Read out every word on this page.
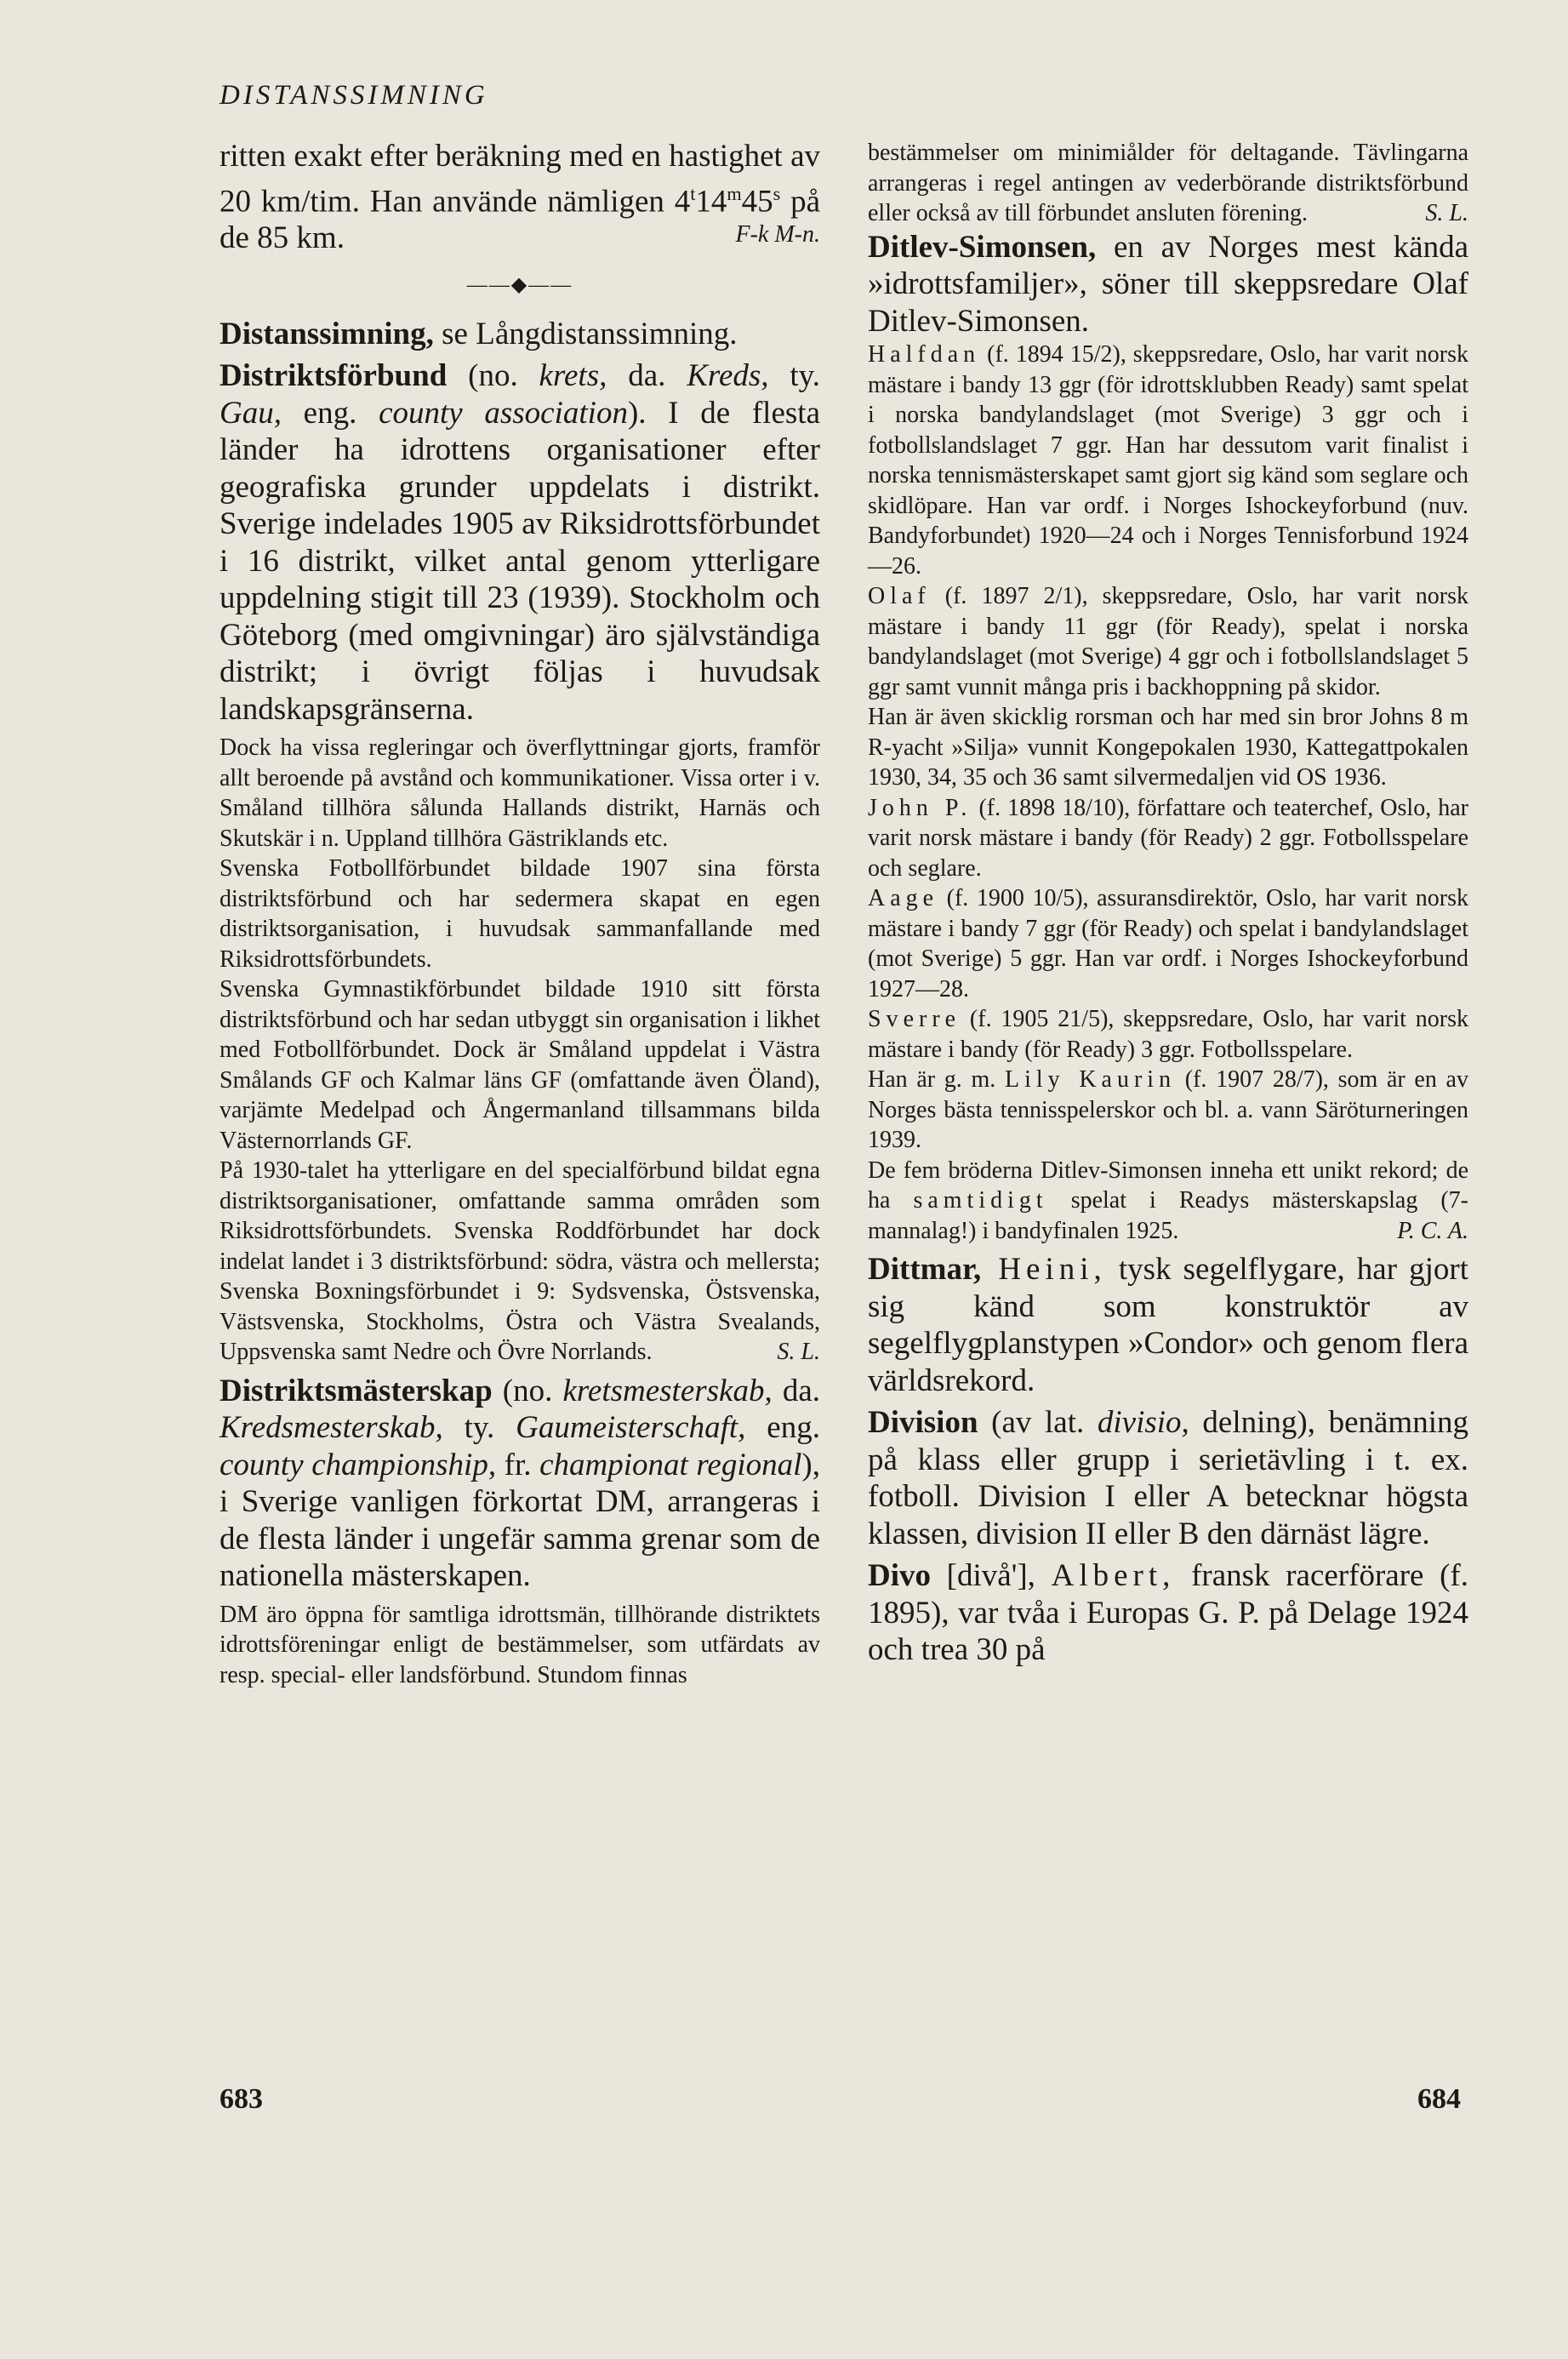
DISTANSSIMNING

ritten exakt efter beräkning med en hastighet av 20 km/tim. Han använde nämligen 4$^t$14$^m$45$^s$ på de 85 km.	F-k M-n.

——◆——

Distanssimning, se Långdistanssimning.

Distriktsförbund (no. krets, da. Kreds, ty. Gau, eng. county association). I de flesta länder ha idrottens organisationer efter geografiska grunder uppdelats i distrikt. Sverige indelades 1905 av Riksidrottsförbundet i 16 distrikt, vilket antal genom ytterligare uppdelning stigit till 23 (1939). Stockholm och Göteborg (med omgivningar) äro självständiga distrikt; i övrigt följas i huvudsak landskapsgränserna.

Dock ha vissa regleringar och överflyttningar gjorts, framför allt beroende på avstånd och kommunikationer. Vissa orter i v. Småland tillhöra sålunda Hallands distrikt, Harnäs och Skutskär i n. Uppland tillhöra Gästriklands etc.

Svenska Fotbollförbundet bildade 1907 sina första distriktsförbund och har sedermera skapat en egen distriktsorganisation, i huvudsak sammanfallande med Riksidrottsförbundets.

Svenska Gymnastikförbundet bildade 1910 sitt första distriktsförbund och har sedan utbyggt sin organisation i likhet med Fotbollförbundet. Dock är Småland uppdelat i Västra Smålands GF och Kalmar läns GF (omfattande även Öland), varjämte Medelpad och Ångermanland tillsammans bilda Västernorrlands GF.

På 1930-talet ha ytterligare en del specialförbund bildat egna distriktsorganisationer, omfattande samma områden som Riksidrottsförbundets. Svenska Roddförbundet har dock indelat landet i 3 distriktsförbund: södra, västra och mellersta; Svenska Boxningsförbundet i 9: Sydsvenska, Östsvenska, Västsvenska, Stockholms, Östra och Västra Svealands, Uppsvenska samt Nedre och Övre Norrlands.	S. L.

Distriktsmästerskap (no. kretsmesterskab, da. Kredsmesterskab, ty. Gaumeisterschaft, eng. county championship, fr. championat regional), i Sverige vanligen förkortat DM, arrangeras i de flesta länder i ungefär samma grenar som de nationella mästerskapen.

DM äro öppna för samtliga idrottsmän, tillhörande distriktets idrottsföreningar enligt de bestämmelser, som utfärdats av resp. special- eller landsförbund. Stundom finnas

bestämmelser om minimiålder för deltagande. Tävlingarna arrangeras i regel antingen av vederbörande distriktsförbund eller också av till förbundet ansluten förening.	S. L.

Ditlev-Simonsen, en av Norges mest kända »idrottsfamiljer», söner till skeppsredare Olaf Ditlev-Simonsen.

Halfdan (f. 1894 15/2), skeppsredare, Oslo, har varit norsk mästare i bandy 13 ggr (för idrottsklubben Ready) samt spelat i norska bandylandslaget (mot Sverige) 3 ggr och i fotbollslandslaget 7 ggr. Han har dessutom varit finalist i norska tennismästerskapet samt gjort sig känd som seglare och skidlöpare. Han var ordf. i Norges Ishockeyforbund (nuv. Bandyforbundet) 1920—24 och i Norges Tennisforbund 1924—26.

Olaf (f. 1897 2/1), skeppsredare, Oslo, har varit norsk mästare i bandy 11 ggr (för Ready), spelat i norska bandylandslaget (mot Sverige) 4 ggr och i fotbollslandslaget 5 ggr samt vunnit många pris i backhoppning på skidor.

Han är även skicklig rorsman och har med sin bror Johns 8 m R-yacht »Silja» vunnit Kongepokalen 1930, Kattegattpokalen 1930, 34, 35 och 36 samt silvermedaljen vid OS 1936.

John P. (f. 1898 18/10), författare och teaterchef, Oslo, har varit norsk mästare i bandy (för Ready) 2 ggr. Fotbollsspelare och seglare.

Aage (f. 1900 10/5), assuransdirektör, Oslo, har varit norsk mästare i bandy 7 ggr (för Ready) och spelat i bandylandslaget (mot Sverige) 5 ggr. Han var ordf. i Norges Ishockeyforbund 1927—28.

Sverre (f. 1905 21/5), skeppsredare, Oslo, har varit norsk mästare i bandy (för Ready) 3 ggr. Fotbollsspelare.

Han är g. m. Lily Kaurin (f. 1907 28/7), som är en av Norges bästa tennisspelerskor och bl. a. vann Säröturneringen 1939.

De fem bröderna Ditlev-Simonsen inneha ett unikt rekord; de ha samtidigt spelat i Readys mästerskapslag (7-mannalag!) i bandyfinalen 1925.	P. C. A.

Dittmar, Heini, tysk segelflygare, har gjort sig känd som konstruktör av segelflygplanstypen »Condor» och genom flera världsrekord.

Division (av lat. divisio, delning), benämning på klass eller grupp i serietävling i t. ex. fotboll. Division I eller A betecknar högsta klassen, division II eller B den därnäst lägre.

Divo [divå'], Albert, fransk racerförare (f. 1895), var tvåa i Europas G. P. på Delage 1924 och trea 30 på

683	684
